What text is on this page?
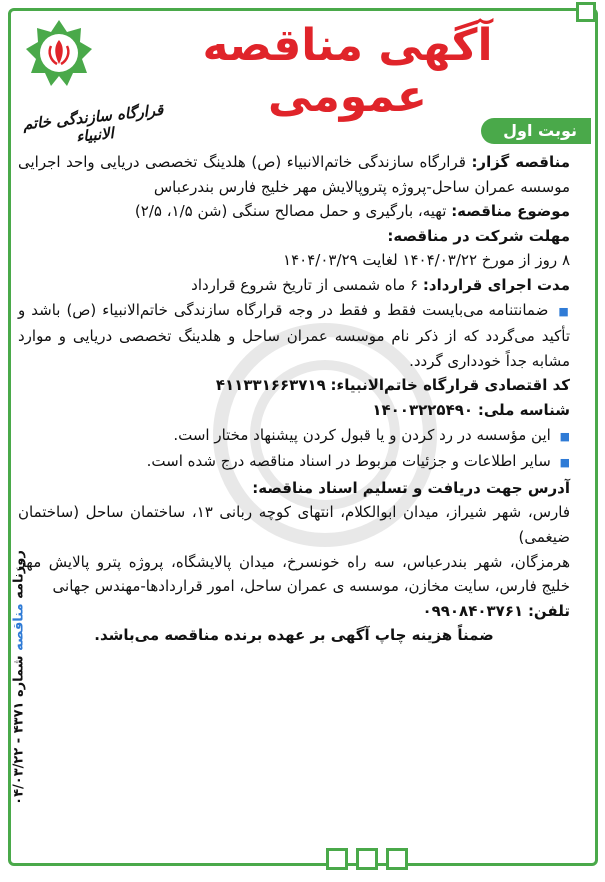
آگهی مناقصه عمومی
قرارگاه سازندگی خاتم الانبیاء	نوبت اول

مناقصه گزار: قرارگاه سازندگی خاتم‌الانبیاء (ص) هلدینگ تخصصی دریایی واحد اجرایی موسسه عمران ساحل-پروژه پتروپالایش مهر خلیج فارس بندرعباس

موضوع مناقصه: تهیه، بارگیری و حمل مصالح سنگی (شن ۱/۵، ۲/۵)

مهلت شرکت در مناقصه:

۸ روز از مورخ ۱۴۰۴/۰۳/۲۲ لغایت ۱۴۰۴/۰۳/۲۹

مدت اجرای قرارداد: ۶ ماه شمسی از تاریخ شروع قرارداد

■ ضمانتنامه می‌بایست فقط و فقط در وجه قرارگاه سازندگی خاتم‌الانبیاء (ص) باشد و تأکید می‌گردد که از ذکر نام موسسه عمران ساحل و هلدینگ تخصصی دریایی و موارد مشابه جداً خودداری گردد.

کد اقتصادی قرارگاه خاتم‌الانبیاء: ۴۱۱۳۳۱۶۶۳۷۱۹

شناسه ملی: ۱۴۰۰۳۲۲۵۴۹۰

■ این مؤسسه در رد کردن و یا قبول کردن پیشنهاد مختار است.

■ سایر اطلاعات و جزئیات مربوط در اسناد مناقصه درج شده است.

آدرس جهت دریافت و تسلیم اسناد مناقصه:

فارس، شهر شیراز، میدان ابوالکلام، انتهای کوچه ربانی ۱۳، ساختمان ساحل (ساختمان ضیغمی)

هرمزگان، شهر بندرعباس، سه راه خونسرخ، میدان پالایشگاه، پروژه پترو پالایش مهر خلیج فارس، سایت مخازن، موسسه ی عمران ساحل، امور قراردادها-مهندس جهانی

تلفن: ۰۹۹۰۸۴۰۳۷۶۱

ضمناً هزینه چاپ آگهی بر عهده برنده مناقصه می‌باشد.

روزنامه مناقصه شماره ۴۳۷۱ - ۰۴/۰۳/۲۲
